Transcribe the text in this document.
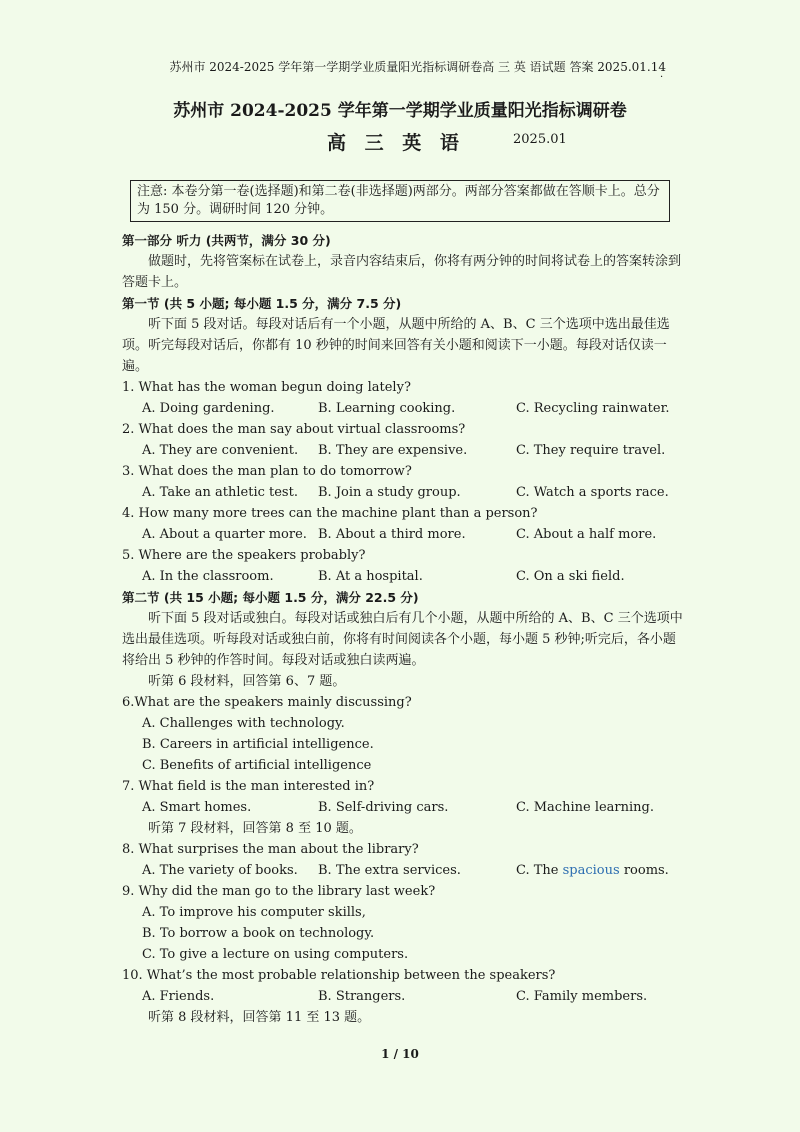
苏州市 2024-2025 学年第一学期学业质量阳光指标调研卷高 三 英 语试题 答案 2025.01.14
·
苏州市 2024-2025 学年第一学期学业质量阳光指标调研卷
高 三 英 语	2025.01
注意: 本卷分第一卷(选择题)和第二卷(非选择题)两部分。两部分答案都做在答顺卡上。总分为 150 分。调研时间 120 分钟。
第一部分 听力 (共两节，满分 30 分)
做题时，先将管案标在试卷上，录音内容结束后，你将有两分钟的时间将试卷上的答案转涂到答题卡上。
第一节 (共 5 小题; 每小题 1.5 分，满分 7.5 分)
听下面 5 段对话。每段对话后有一个小题，从题中所给的 A、B、C 三个选项中选出最佳选项。听完每段对话后，你都有 10 秒钟的时间来回答有关小题和阅读下一小题。每段对话仅读一遍。
1. What has the woman begun doing lately?
A. Doing gardening.	B. Learning cooking.	C. Recycling rainwater.
2. What does the man say about virtual classrooms?
A. They are convenient. B. They are expensive.	C. They require travel.
3. What does the man plan to do tomorrow?
A. Take an athletic test. B. Join a study group.	C. Watch a sports race.
4. How many more trees can the machine plant than a person?
A. About a quarter more. B. About a third more.	C. About a half more.
5. Where are the speakers probably?
A. In the classroom.	B. At a hospital.	C. On a ski field.
第二节 (共 15 小题; 每小题 1.5 分，满分 22.5 分)
听下面 5 段对话或独白。每段对话或独白后有几个小题，从题中所给的 A、B、C 三个选项中选出最佳选项。听每段对话或独白前，你将有时间阅读各个小题，每小题 5 秒钟;听完后，各小题将给出 5 秒钟的作答时间。每段对话或独白读两遍。
听第 6 段材料，回答第 6、7 题。
6.What are the speakers mainly discussing?
A. Challenges with technology.
B. Careers in artificial intelligence.
C. Benefits of artificial intelligence
7. What field is the man interested in?
A. Smart homes.	B. Self-driving cars.	C. Machine learning.
听第 7 段材料，回答第 8 至 10 题。
8. What surprises the man about the library?
A. The variety of books. B. The extra services.	C. The spacious rooms.
9. Why did the man go to the library last week?
A. To improve his computer skills,
B. To borrow a book on technology.
C. To give a lecture on using computers.
10. What’s the most probable relationship between the speakers?
A. Friends.	B. Strangers.	C. Family members.
听第 8 段材料，回答第 11 至 13 题。
1 / 10
